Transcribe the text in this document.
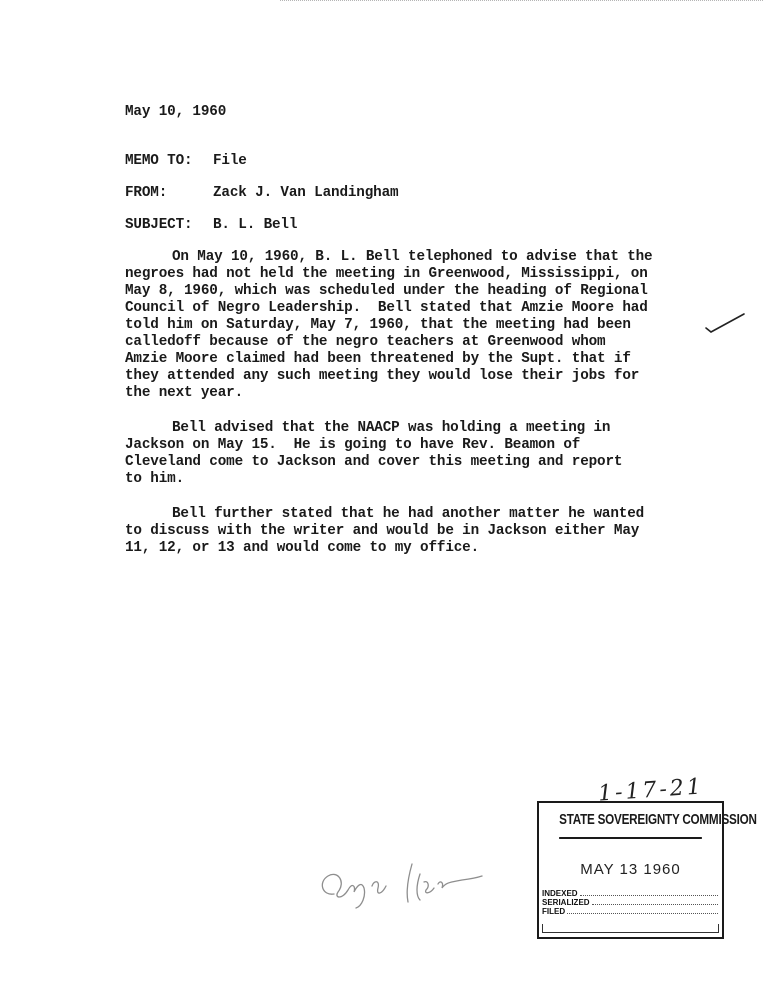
May 10, 1960
MEMO TO: File
FROM:	Zack J. Van Landingham
SUBJECT: B. L. Bell
On May 10, 1960, B. L. Bell telephoned to advise that the
negroes had not held the meeting in Greenwood, Mississippi, on
May 8, 1960, which was scheduled under the heading of Regional
Council of Negro Leadership.  Bell stated that Amzie Moore had
told him on Saturday, May 7, 1960, that the meeting had been
calledoff because of the negro teachers at Greenwood whom
Amzie Moore claimed had been threatened by the Supt. that if
they attended any such meeting they would lose their jobs for
the next year.
Bell advised that the NAACP was holding a meeting in
Jackson on May 15.  He is going to have Rev. Beamon of
Cleveland come to Jackson and cover this meeting and report
to him.
Bell further stated that he had another matter he wanted
to discuss with the writer and would be in Jackson either May
11, 12, or 13 and would come to my office.
1-17-21
STATE SOVEREIGNTY COMMISSION
MAY 13 1960
INDEXED
SERIALIZED
FILED
